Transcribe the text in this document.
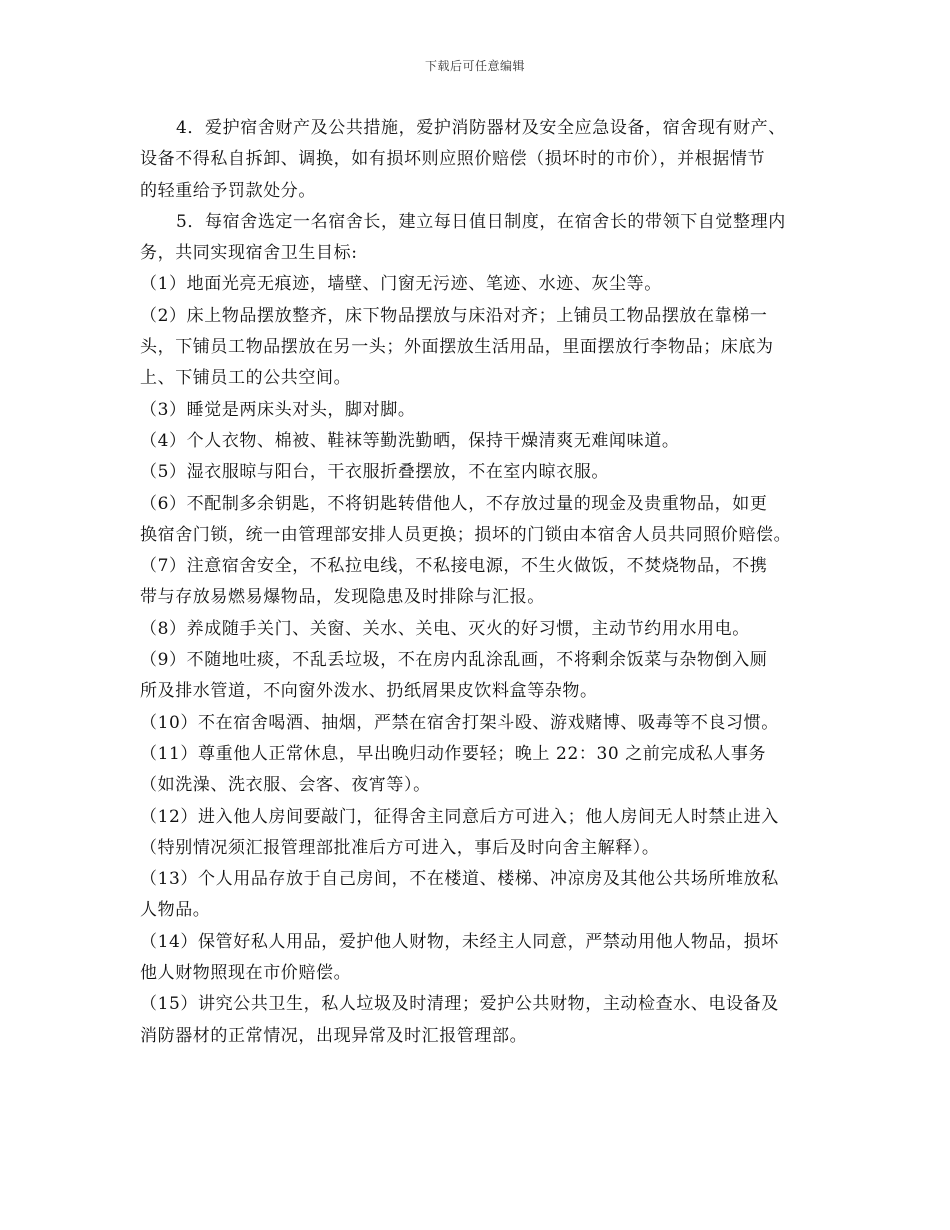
下载后可任意编辑
4．爱护宿舍财产及公共措施，爱护消防器材及安全应急设备，宿舍现有财产、
设备不得私自拆卸、调换，如有损坏则应照价赔偿（损坏时的市价），并根据情节
的轻重给予罚款处分。
5．每宿舍选定一名宿舍长，建立每日值日制度，在宿舍长的带领下自觉整理内
务，共同实现宿舍卫生目标:
（1）地面光亮无痕迹，墙壁、门窗无污迹、笔迹、水迹、灰尘等。
（2）床上物品摆放整齐，床下物品摆放与床沿对齐；上铺员工物品摆放在靠梯一
头，下铺员工物品摆放在另一头；外面摆放生活用品，里面摆放行李物品；床底为
上、下铺员工的公共空间。
（3）睡觉是两床头对头，脚对脚。
（4）个人衣物、棉被、鞋袜等勤洗勤晒，保持干燥清爽无难闻味道。
（5）湿衣服晾与阳台，干衣服折叠摆放，不在室内晾衣服。
（6）不配制多余钥匙，不将钥匙转借他人，不存放过量的现金及贵重物品，如更
换宿舍门锁，统一由管理部安排人员更换；损坏的门锁由本宿舍人员共同照价赔偿。
（7）注意宿舍安全，不私拉电线，不私接电源，不生火做饭，不焚烧物品，不携
带与存放易燃易爆物品，发现隐患及时排除与汇报。
（8）养成随手关门、关窗、关水、关电、灭火的好习惯，主动节约用水用电。
（9）不随地吐痰，不乱丢垃圾，不在房内乱涂乱画，不将剩余饭菜与杂物倒入厕
所及排水管道，不向窗外泼水、扔纸屑果皮饮料盒等杂物。
（10）不在宿舍喝酒、抽烟，严禁在宿舍打架斗殴、游戏赌博、吸毒等不良习惯。
（11）尊重他人正常休息，早出晚归动作要轻；晚上 22：30 之前完成私人事务
（如洗澡、洗衣服、会客、夜宵等）。
（12）进入他人房间要敲门，征得舍主同意后方可进入；他人房间无人时禁止进入
（特别情况须汇报管理部批准后方可进入，事后及时向舍主解释）。
（13）个人用品存放于自己房间，不在楼道、楼梯、冲凉房及其他公共场所堆放私
人物品。
（14）保管好私人用品，爱护他人财物，未经主人同意，严禁动用他人物品，损坏
他人财物照现在市价赔偿。
（15）讲究公共卫生，私人垃圾及时清理；爱护公共财物，主动检查水、电设备及
消防器材的正常情况，出现异常及时汇报管理部。
